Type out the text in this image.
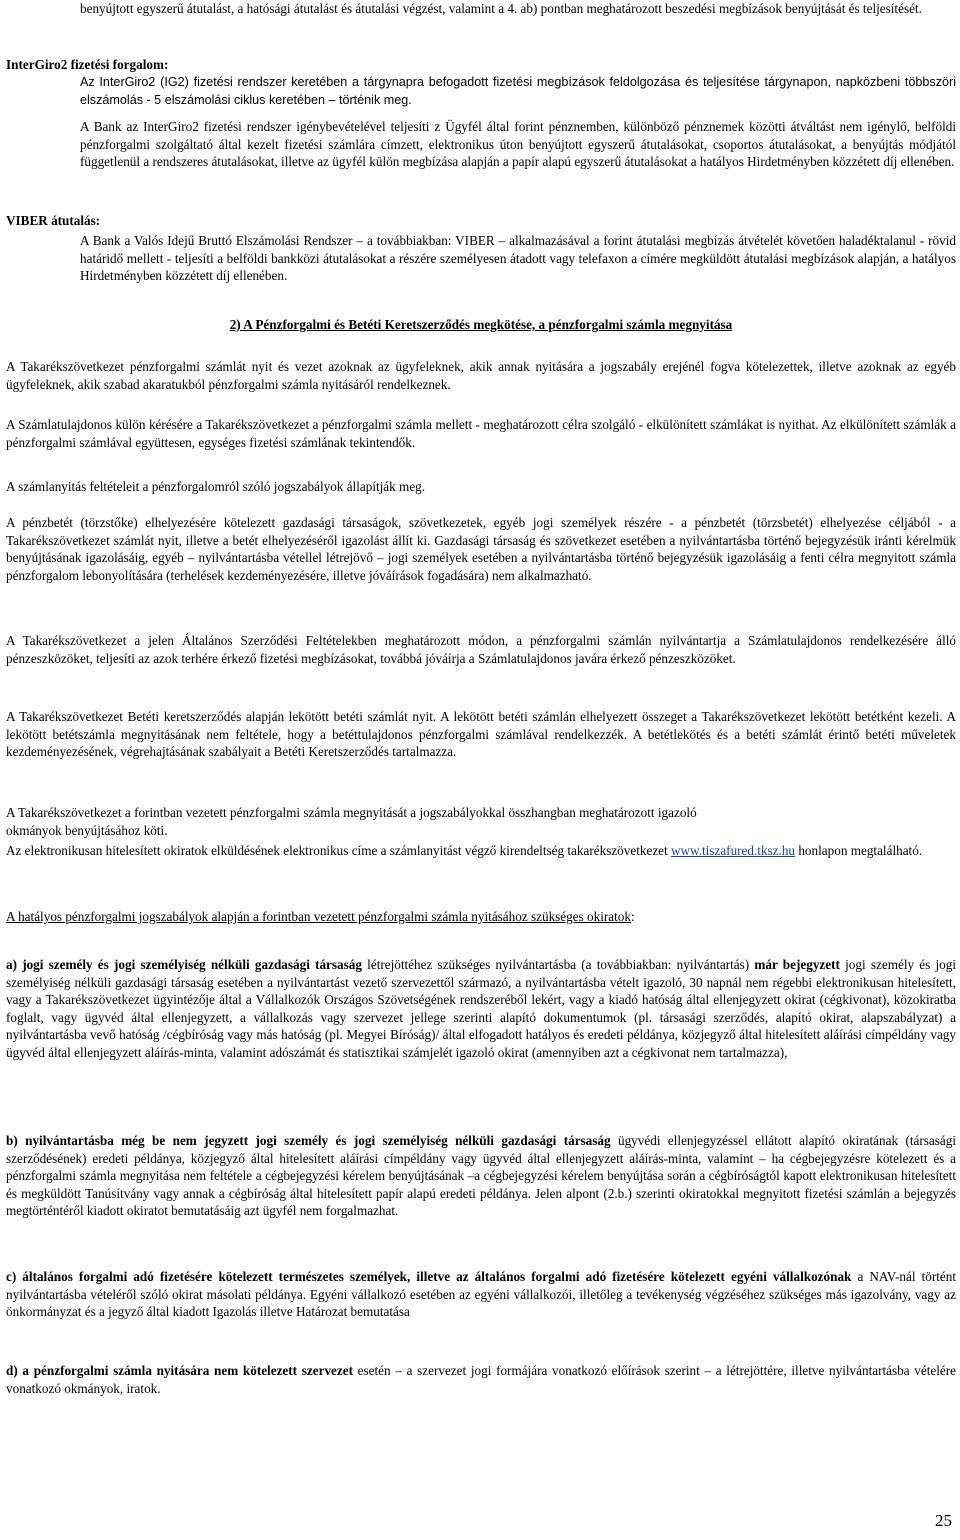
benyújtott egyszerű átutalást, a hatósági átutalást és átutalási végzést, valamint a 4. ab) pontban meghatározott beszedési megbízások benyújtását és teljesítését.

InterGiro2 fizetési forgalom:

Az InterGiro2 (IG2) fizetési rendszer keretében a tárgynapra befogadott fizetési megbízások feldolgozása és teljesítése tárgynapon, napközbeni többszöri elszámolás - 5 elszámolási ciklus keretében – történik meg.

A Bank az InterGiro2 fizetési rendszer igénybevételével teljesíti z Ügyfél által forint pénznemben, különböző pénznemek közötti átváltást nem igénylő, belföldi pénzforgalmi szolgáltató által kezelt fizetési számlára címzett, elektronikus úton benyújtott egyszerű átutalásokat, csoportos átutalásokat, a benyújtás módjától függetlenül a rendszeres átutalásokat, illetve az ügyfél külön megbízása alapján a papír alapú egyszerű átutalásokat a hatályos Hirdetményben közzétett díj ellenében.

VIBER átutalás:

A Bank a Valós Idejű Bruttó Elszámolási Rendszer – a továbbiakban: VIBER – alkalmazásával a forint átutalási megbízás átvételét követően haladéktalanul - rövid határidő mellett - teljesíti a belföldi bankközi átutalásokat a részére személyesen átadott vagy telefaxon a címére megküldött átutalási megbízások alapján, a hatályos Hirdetményben közzétett díj ellenében.

2) A Pénzforgalmi és Betéti Keretszerződés megkötése, a pénzforgalmi számla megnyitása

A Takarékszövetkezet pénzforgalmi számlát nyit és vezet azoknak az ügyfeleknek, akik annak nyitására a jogszabály erejénél fogva kötelezettek, illetve azoknak az egyéb ügyfeleknek, akik szabad akaratukból pénzforgalmi számla nyitásáról rendelkeznek.

A Számlatulajdonos külön kérésére a Takarékszövetkezet a pénzforgalmi számla mellett - meghatározott célra szolgáló - elkülönített számlákat is nyithat. Az elkülönített számlák a pénzforgalmi számlával együttesen, egységes fizetési számlának tekintendők.

A számlanyitás feltételeit a pénzforgalomról szóló jogszabályok állapítják meg.

A pénzbetét (törzstőke) elhelyezésére kötelezett gazdasági társaságok, szövetkezetek, egyéb jogi személyek részére - a pénzbetét (törzsbetét) elhelyezése céljából - a Takarékszövetkezet számlát nyit, illetve a betét elhelyezéséről igazolást állít ki. Gazdasági társaság és szövetkezet esetében a nyilvántartásba történő bejegyzésük iránti kérelmük benyújtásának igazolásáig, egyéb – nyilvántartásba vétellel létrejövő – jogi személyek esetében a nyilvántartásba történő bejegyzésük igazolásáig a fenti célra megnyitott számla pénzforgalom lebonyolítására (terhelések kezdeményezésére, illetve jóváírások fogadására) nem alkalmazható.

A Takarékszövetkezet a jelen Általános Szerződési Feltételekben meghatározott módon, a pénzforgalmi számlán nyilvántartja a Számlatulajdonos rendelkezésére álló pénzeszközöket, teljesíti az azok terhére érkező fizetési megbízásokat, továbbá jóváírja a Számlatulajdonos javára érkező pénzeszközöket.

A Takarékszövetkezet Betéti keretszerződés alapján lekötött betéti számlát nyit. A lekötött betéti számlán elhelyezett összeget a Takarékszövetkezet lekötött betétként kezeli. A lekötött betétszámla megnyitásának nem feltétele, hogy a betéttulajdonos pénzforgalmi számlával rendelkezzék. A betétlekötés és a betéti számlát érintő betéti műveletek kezdeményezésének, végrehajtásának szabályait a Betéti Keretszerződés tartalmazza.

A Takarékszövetkezet a forintban vezetett pénzforgalmi számla megnyitását a jogszabályokkal összhangban meghatározott igazoló
okmányok benyújtásához köti.

Az elektronikusan hitelesített okiratok elküldésének elektronikus címe a számlanyitást végző kirendeltség takarékszövetkezet www.tiszafured.tksz.hu honlapon megtalálható.

A hatályos pénzforgalmi jogszabályok alapján a forintban vezetett pénzforgalmi számla nyitásához szükséges okiratok:

a) jogi személy és jogi személyiség nélküli gazdasági társaság létrejöttéhez szükséges nyilvántartásba (a továbbiakban: nyilvántartás) már bejegyzett jogi személy és jogi személyiség nélküli gazdasági társaság esetében a nyilvántartást vezető szervezettől származó, a nyilvántartásba vételt igazoló, 30 napnál nem régebbi elektronikusan hitelesített, vagy a Takarékszövetkezet ügyintézője által a Vállalkozók Országos Szövetségének rendszeréből lekért, vagy a kiadó hatóság által ellenjegyzett okirat (cégkivonat), közokiratba foglalt, vagy ügyvéd által ellenjegyzett, a vállalkozás vagy szervezet jellege szerinti alapító dokumentumok (pl. társasági szerződés, alapító okirat, alapszabályzat) a nyilvántartásba vevő hatóság /cégbíróság vagy más hatóság (pl. Megyei Bíróság)/ által elfogadott hatályos és eredeti példánya, közjegyző által hitelesített aláírási címpéldány vagy ügyvéd által ellenjegyzett aláírás-minta, valamint adószámát és statisztikai számjelét igazoló okirat (amennyiben azt a cégkivonat nem tartalmazza),

b) nyilvántartásba még be nem jegyzett jogi személy és jogi személyiség nélküli gazdasági társaság ügyvédi ellenjegyzéssel ellátott alapító okiratának (társasági szerződésének) eredeti példánya, közjegyző által hitelesített aláírási címpéldány vagy ügyvéd által ellenjegyzett aláírás-minta, valamint – ha cégbejegyzésre kötelezett és a pénzforgalmi számla megnyitása nem feltétele a cégbejegyzési kérelem benyújtásának –a cégbejegyzési kérelem benyújtása során a cégbíróságtól kapott elektronikusan hitelesített és megküldött Tanúsítvány vagy annak a cégbíróság által hitelesített papír alapú eredeti példánya. Jelen alpont (2.b.) szerinti okiratokkal megnyitott fizetési számlán a bejegyzés megtörténtéről kiadott okiratot bemutatásáig azt ügyfél nem forgalmazhat.

c) általános forgalmi adó fizetésére kötelezett természetes személyek, illetve az általános forgalmi adó fizetésére kötelezett egyéni vállalkozónak a NAV-nál történt nyilvántartásba vételéről szóló okirat másolati példánya. Egyéni vállalkozó esetében az egyéni vállalkozói, illetőleg a tevékenység végzéséhez szükséges más igazolvány, vagy az önkormányzat és a jegyző által kiadott Igazolás illetve Határozat bemutatása

d) a pénzforgalmi számla nyitására nem kötelezett szervezet esetén – a szervezet jogi formájára vonatkozó előírások szerint – a létrejöttére, illetve nyilvántartásba vételére vonatkozó okmányok, iratok.

25
